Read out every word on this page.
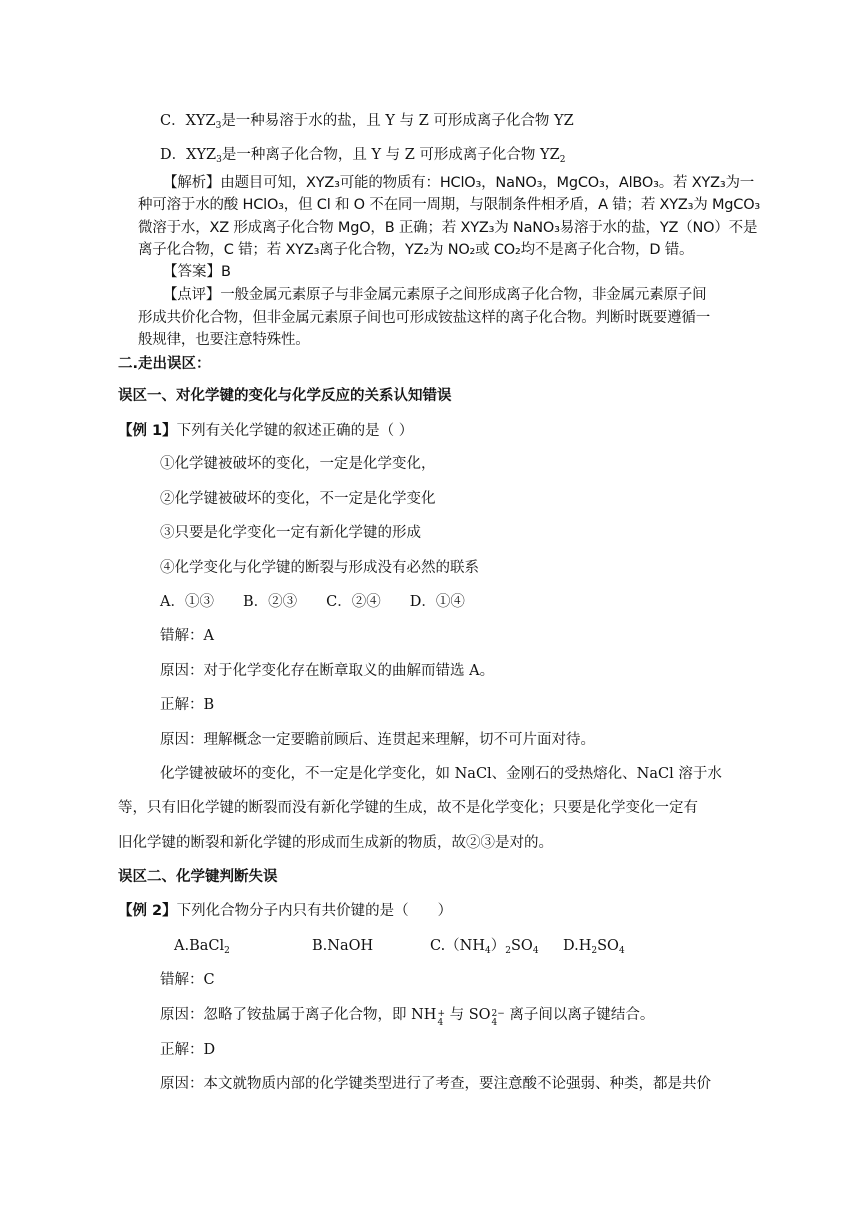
C．$XYZ_3$是一种易溶于水的盐，且 Y 与 Z 可形成离子化合物 YZ
D．$XYZ_3$是一种离子化合物，且 Y 与 Z 可形成离子化合物 $YZ_2$
【解析】由题目可知，XYZ₃可能的物质有：HClO₃，NaNO₃，MgCO₃，AlBO₃。若 XYZ₃为一
种可溶于水的酸 HClO₃，但 Cl 和 O 不在同一周期，与限制条件相矛盾，A 错；若 XYZ₃为 MgCO₃
微溶于水，XZ 形成离子化合物 MgO，B 正确；若 XYZ₃为 NaNO₃易溶于水的盐，YZ（NO）不是
离子化合物，C 错；若 XYZ₃离子化合物，YZ₂为 NO₂或 CO₂均不是离子化合物，D 错。
【答案】B
【点评】一般金属元素原子与非金属元素原子之间形成离子化合物，非金属元素原子间
形成共价化合物，但非金属元素原子间也可形成铵盐这样的离子化合物。判断时既要遵循一
般规律，也要注意特殊性。
二.走出误区：
误区一、对化学键的变化与化学反应的关系认知错误
【例 1】下列有关化学键的叙述正确的是（ ）
①化学键被破坏的变化，一定是化学变化，
②化学键被破坏的变化，不一定是化学变化
③只要是化学变化一定有新化学键的形成
④化学变化与化学键的断裂与形成没有必然的联系
A．①③　　B．②③　　C．②④　　D．①④
错解：A
原因：对于化学变化存在断章取义的曲解而错选 A。
正解：B
原因：理解概念一定要瞻前顾后、连贯起来理解，切不可片面对待。
化学键被破坏的变化，不一定是化学变化，如 NaCl、金刚石的受热熔化、NaCl 溶于水
等，只有旧化学键的断裂而没有新化学键的生成，故不是化学变化；只要是化学变化一定有
旧化学键的断裂和新化学键的形成而生成新的物质，故②③是对的。
误区二、化学键判断失误
【例 2】下列化合物分子内只有共价键的是（　　）
A.BaCl$_2$	B.NaOH	$C.(NH_4)_2SO_4$ $D.H_2SO_4$
错解：C
原因：忽略了铵盐属于离子化合物，即 NH +
4 与 SO 2−
4 离子间以离子键结合。
正解：D
原因：本文就物质内部的化学键类型进行了考查，要注意酸不论强弱、种类，都是共价
